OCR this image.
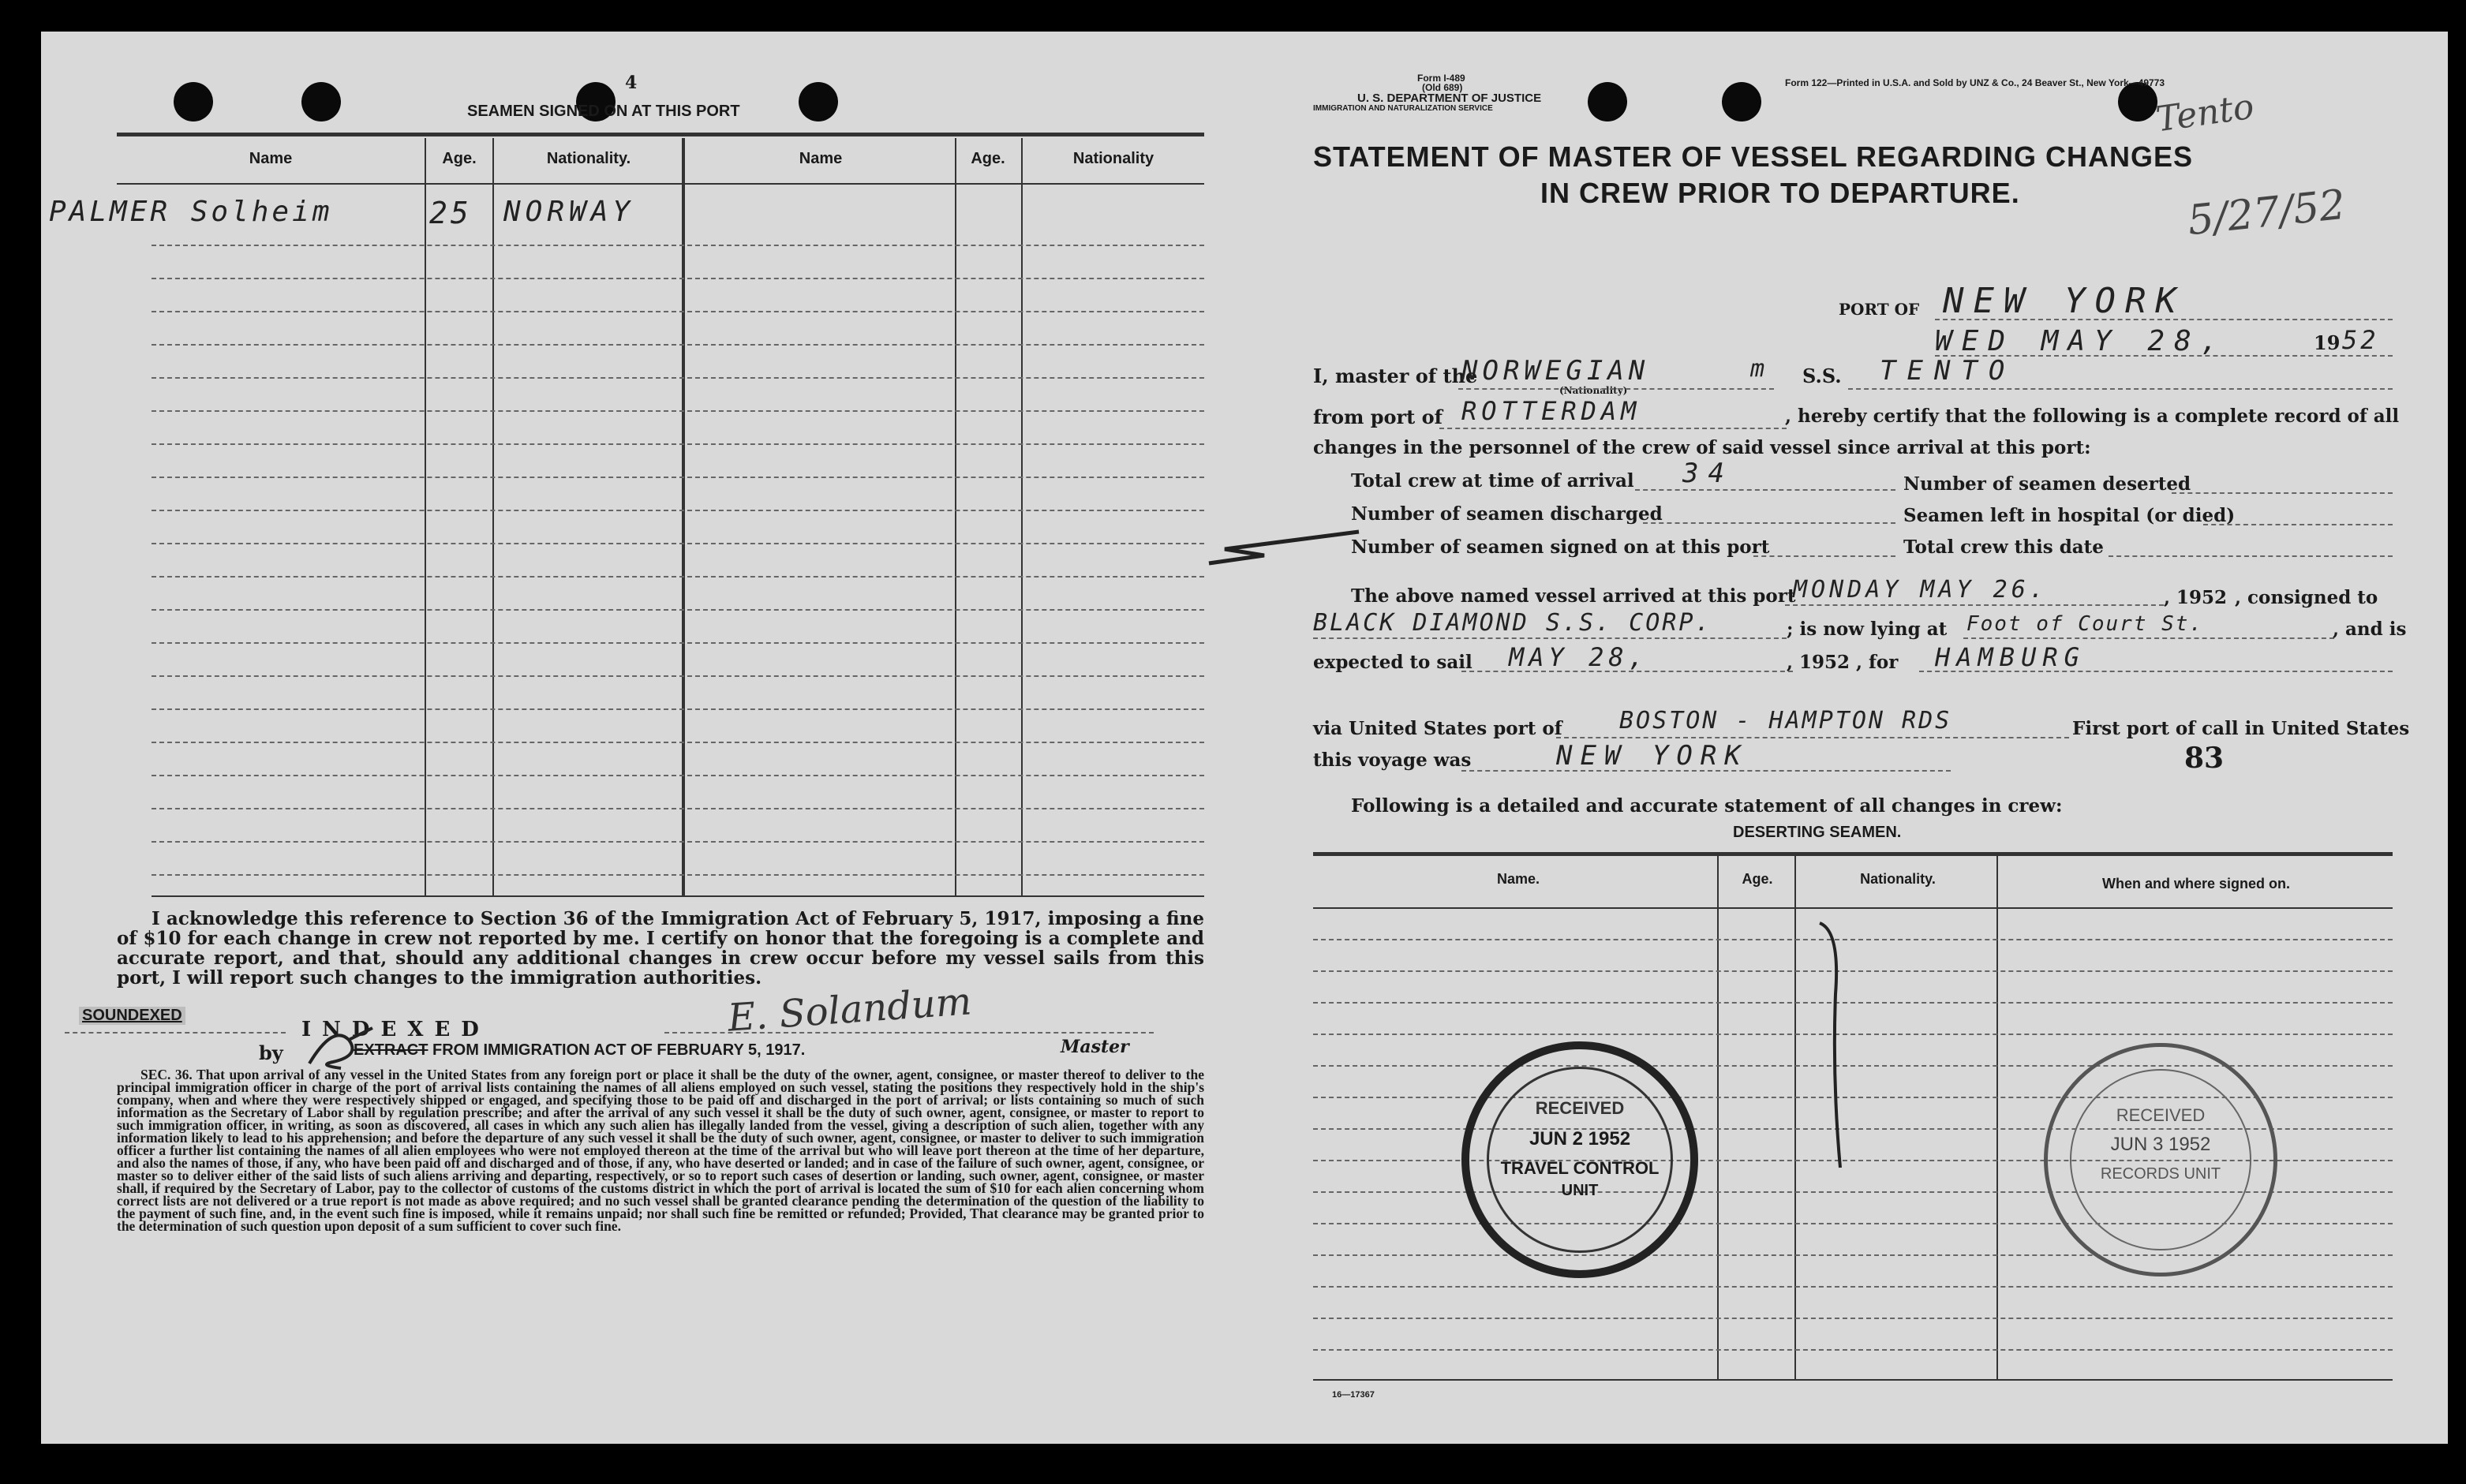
4
SEAMEN SIGNED ON AT THIS PORT
Name	Age.	Nationality.	Name	Age.	Nationality
PALMER Solheim	25 NORWAY
I acknowledge this reference to Section 36 of the Immigration Act of February 5, 1917, imposing a fine of $10 for each change in crew not reported by me. I certify on honor that the foregoing is a complete and accurate report, and that, should any additional changes in crew occur before my vessel sails from this port, I will report such changes to the immigration authorities.
SOUNDEXED
INDEXED	E. Solandum
Master
by	EXTRACT FROM IMMIGRATION ACT OF FEBRUARY 5, 1917.
SEC. 36. That upon arrival of any vessel in the United States from any foreign port or place it shall be the duty of the owner, agent, consignee, or master thereof to deliver to the principal immigration officer in charge of the port of arrival lists containing the names of all aliens employed on such vessel, stating the positions they respectively hold in the ship's company, when and where they were respectively shipped or engaged, and specifying those to be paid off and discharged in the port of arrival; or lists containing so much of such information as the Secretary of Labor shall by regulation prescribe; and after the arrival of any such vessel it shall be the duty of such owner, agent, consignee, or master to report to such immigration officer, in writing, as soon as discovered, all cases in which any such alien has illegally landed from the vessel, giving a description of such alien, together with any information likely to lead to his apprehension; and before the departure of any such vessel it shall be the duty of such owner, agent, consignee, or master to deliver to such immigration officer a further list containing the names of all alien employees who were not employed thereon at the time of the arrival but who will leave port thereon at the time of her departure, and also the names of those, if any, who have been paid off and discharged and of those, if any, who have deserted or landed; and in case of the failure of such owner, agent, consignee, or master so to deliver either of the said lists of such aliens arriving and departing, respectively, or so to report such cases of desertion or landing, such owner, agent, consignee, or master shall, if required by the Secretary of Labor, pay to the collector of customs of the customs district in which the port of arrival is located the sum of $10 for each alien concerning whom correct lists are not delivered or a true report is not made as above required; and no such vessel shall be granted clearance pending the determination of the question of the liability to the payment of such fine, and, in the event such fine is imposed, while it remains unpaid; nor shall such fine be remitted or refunded; Provided, That clearance may be granted prior to the determination of such question upon deposit of a sum sufficient to cover such fine.
Form I-489
(Old 689)
U. S. DEPARTMENT OF JUSTICE
IMMIGRATION AND NATURALIZATION SERVICE
Form 122—Printed in U.S.A. and Sold by UNZ & Co., 24 Beaver St., New York—49773
Tento
5/27/52
STATEMENT OF MASTER OF VESSEL REGARDING CHANGES
IN CREW PRIOR TO DEPARTURE.
PORT OF NEW YORK
WED MAY 28,	19 52
I, master of the
NORWEGIAN
(Nationality)
m S.S. TENTO
from port of ROTTERDAM	, hereby certify that the following is a complete record of all
changes in the personnel of the crew of said vessel since arrival at this port:
Total crew at time of arrival 34
Number of seamen discharged
Number of seamen signed on at this port
Number of seamen deserted
Seamen left in hospital (or died)
Total crew this date
The above named vessel arrived at this port
MONDAY MAY 26.	, 1952 , consigned to
BLACK DIAMOND S.S. CORP.	; is now lying at Foot of Court St.	, and is
expected to sail MAY 28,	, 1952 , for HAMBURG
via United States port of BOSTON - HAMPTON RDS	First port of call in United States
this voyage was	NEW YORK	83
Following is a detailed and accurate statement of all changes in crew:
DESERTING SEAMEN.
Name.	Age.	Nationality.	When and where signed on.
RECEIVED
JUN 2 1952
TRAVEL CONTROL
UNIT
RECEIVED
JUN 3 1952
RECORDS UNIT
16—17367
